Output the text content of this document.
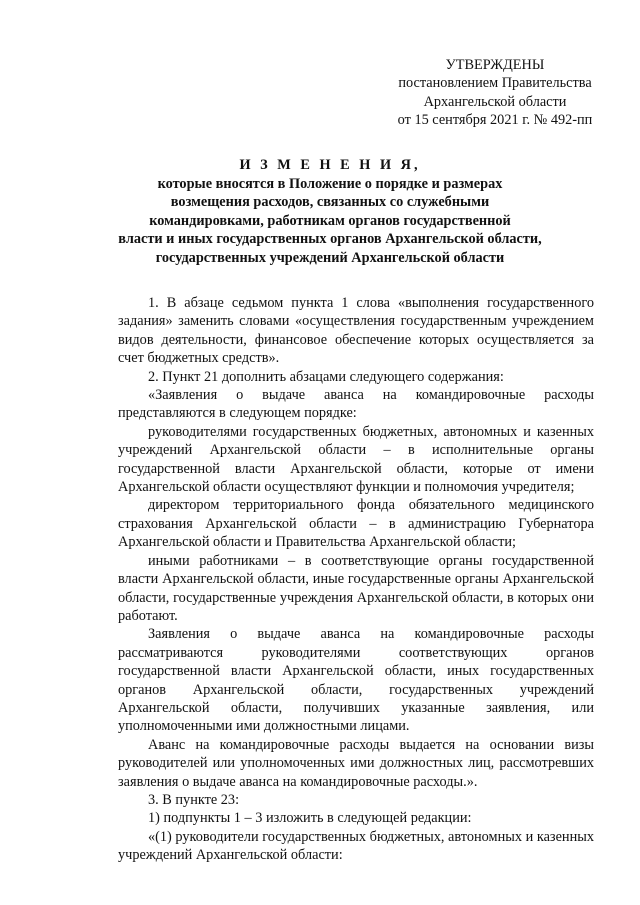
УТВЕРЖДЕНЫ
постановлением Правительства
Архангельской области
от 15 сентября 2021 г. № 492-пп
И З М Е Н Е Н И Я,
которые вносятся в Положение о порядке и размерах
возмещения расходов, связанных со служебными
командировками, работникам органов государственной
власти и иных государственных органов Архангельской области,
государственных учреждений Архангельской области

1. В абзаце седьмом пункта 1 слова «выполнения государственного задания» заменить словами «осуществления государственным учреждением видов деятельности, финансовое обеспечение которых осуществляется за счет бюджетных средств».

2. Пункт 21 дополнить абзацами следующего содержания:

«Заявления о выдаче аванса на командировочные расходы представляются в следующем порядке:

руководителями государственных бюджетных, автономных и казенных учреждений Архангельской области – в исполнительные органы государственной власти Архангельской области, которые от имени Архангельской области осуществляют функции и полномочия учредителя;

директором территориального фонда обязательного медицинского страхования Архангельской области – в администрацию Губернатора Архангельской области и Правительства Архангельской области;

иными работниками – в соответствующие органы государственной власти Архангельской области, иные государственные органы Архангельской области, государственные учреждения Архангельской области, в которых они работают.

Заявления о выдаче аванса на командировочные расходы рассматриваются руководителями соответствующих органов государственной власти Архангельской области, иных государственных органов Архангельской области, государственных учреждений Архангельской области, получивших указанные заявления, или уполномоченными ими должностными лицами.

Аванс на командировочные расходы выдается на основании визы руководителей или уполномоченных ими должностных лиц, рассмотревших заявления о выдаче аванса на командировочные расходы.».

3. В пункте 23:

1) подпункты 1 – 3 изложить в следующей редакции:

«(1) руководители государственных бюджетных, автономных и казенных учреждений Архангельской области:
